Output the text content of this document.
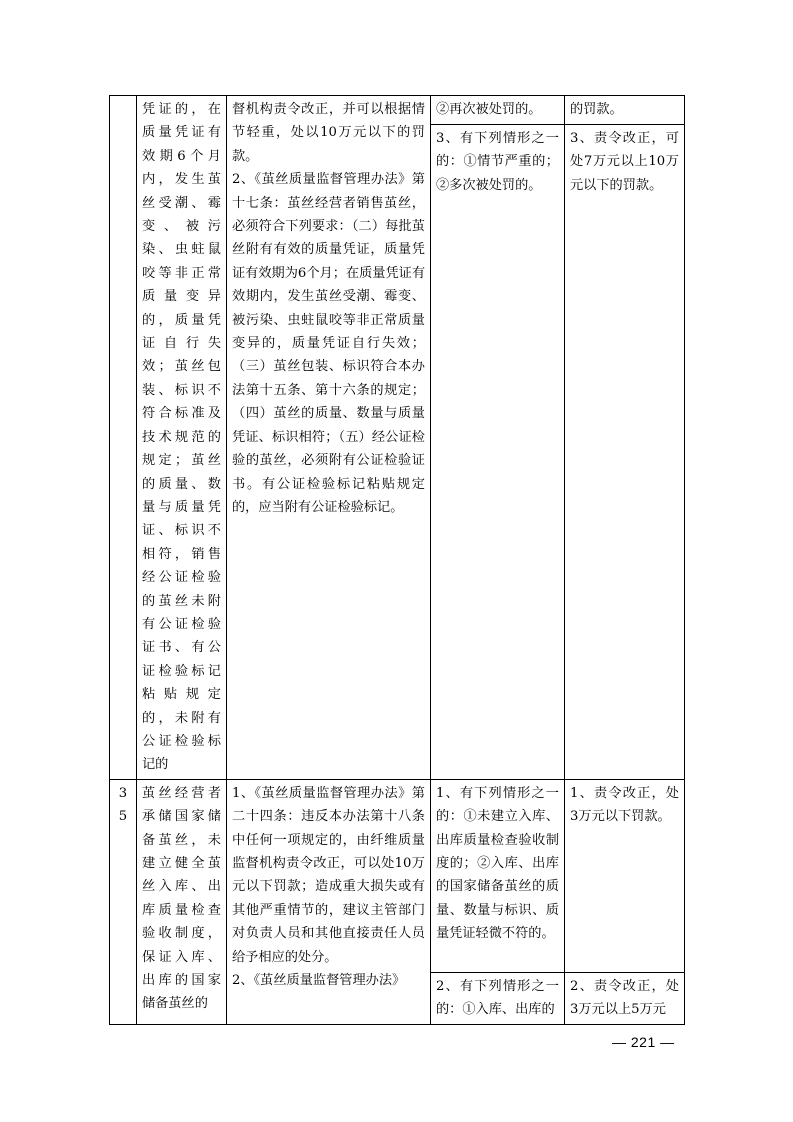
	凭证的，在质量凭证有效期6个月内，发生茧丝受潮、霉变、被污染、虫蛀鼠咬等非正常质量变异的，质量凭证自行失效；茧丝包装、标识不符合标准及技术规范的规定；茧丝的质量、数量与质量凭证、标识不相符，销售经公证检验的茧丝未附有公证检验证书、有公证检验标记粘贴规定的，未附有公证检验标记的	督机构责令改正，并可以根据情节轻重，处以10万元以下的罚款。
2、《茧丝质量监督管理办法》第十七条：茧丝经营者销售茧丝，必须符合下列要求：（二）每批茧丝附有有效的质量凭证，质量凭证有效期为6个月；在质量凭证有效期内，发生茧丝受潮、霉变、被污染、虫蛀鼠咬等非正常质量变异的，质量凭证自行失效；（三）茧丝包装、标识符合本办法第十五条、第十六条的规定；（四）茧丝的质量、数量与质量凭证、标识相符；（五）经公证检验的茧丝，必须附有公证检验证书。有公证检验标记粘贴规定的，应当附有公证检验标记。	②再次被处罚的。	的罚款。
			3、有下列情形之一的：①情节严重的；②多次被处罚的。	3、责令改正，可处7万元以上10万元以下的罚款。
35	茧丝经营者承储国家储备茧丝，未建立健全茧丝入库、出库质量检查验收制度，保证入库、出库的国家储备茧丝的	1、《茧丝质量监督管理办法》第二十四条：违反本办法第十八条中任何一项规定的，由纤维质量监督机构责令改正，可以处10万元以下罚款；造成重大损失或有其他严重情节的，建议主管部门对负责人员和其他直接责任人员给予相应的处分。
2、《茧丝质量监督管理办法》	1、有下列情形之一的：①未建立入库、出库质量检查验收制度的；②入库、出库的国家储备茧丝的质量、数量与标识、质量凭证轻微不符的。	1、责令改正，处3万元以下罚款。
			2、有下列情形之一的：①入库、出库的	2、责令改正，处3万元以上5万元
— 221 —
